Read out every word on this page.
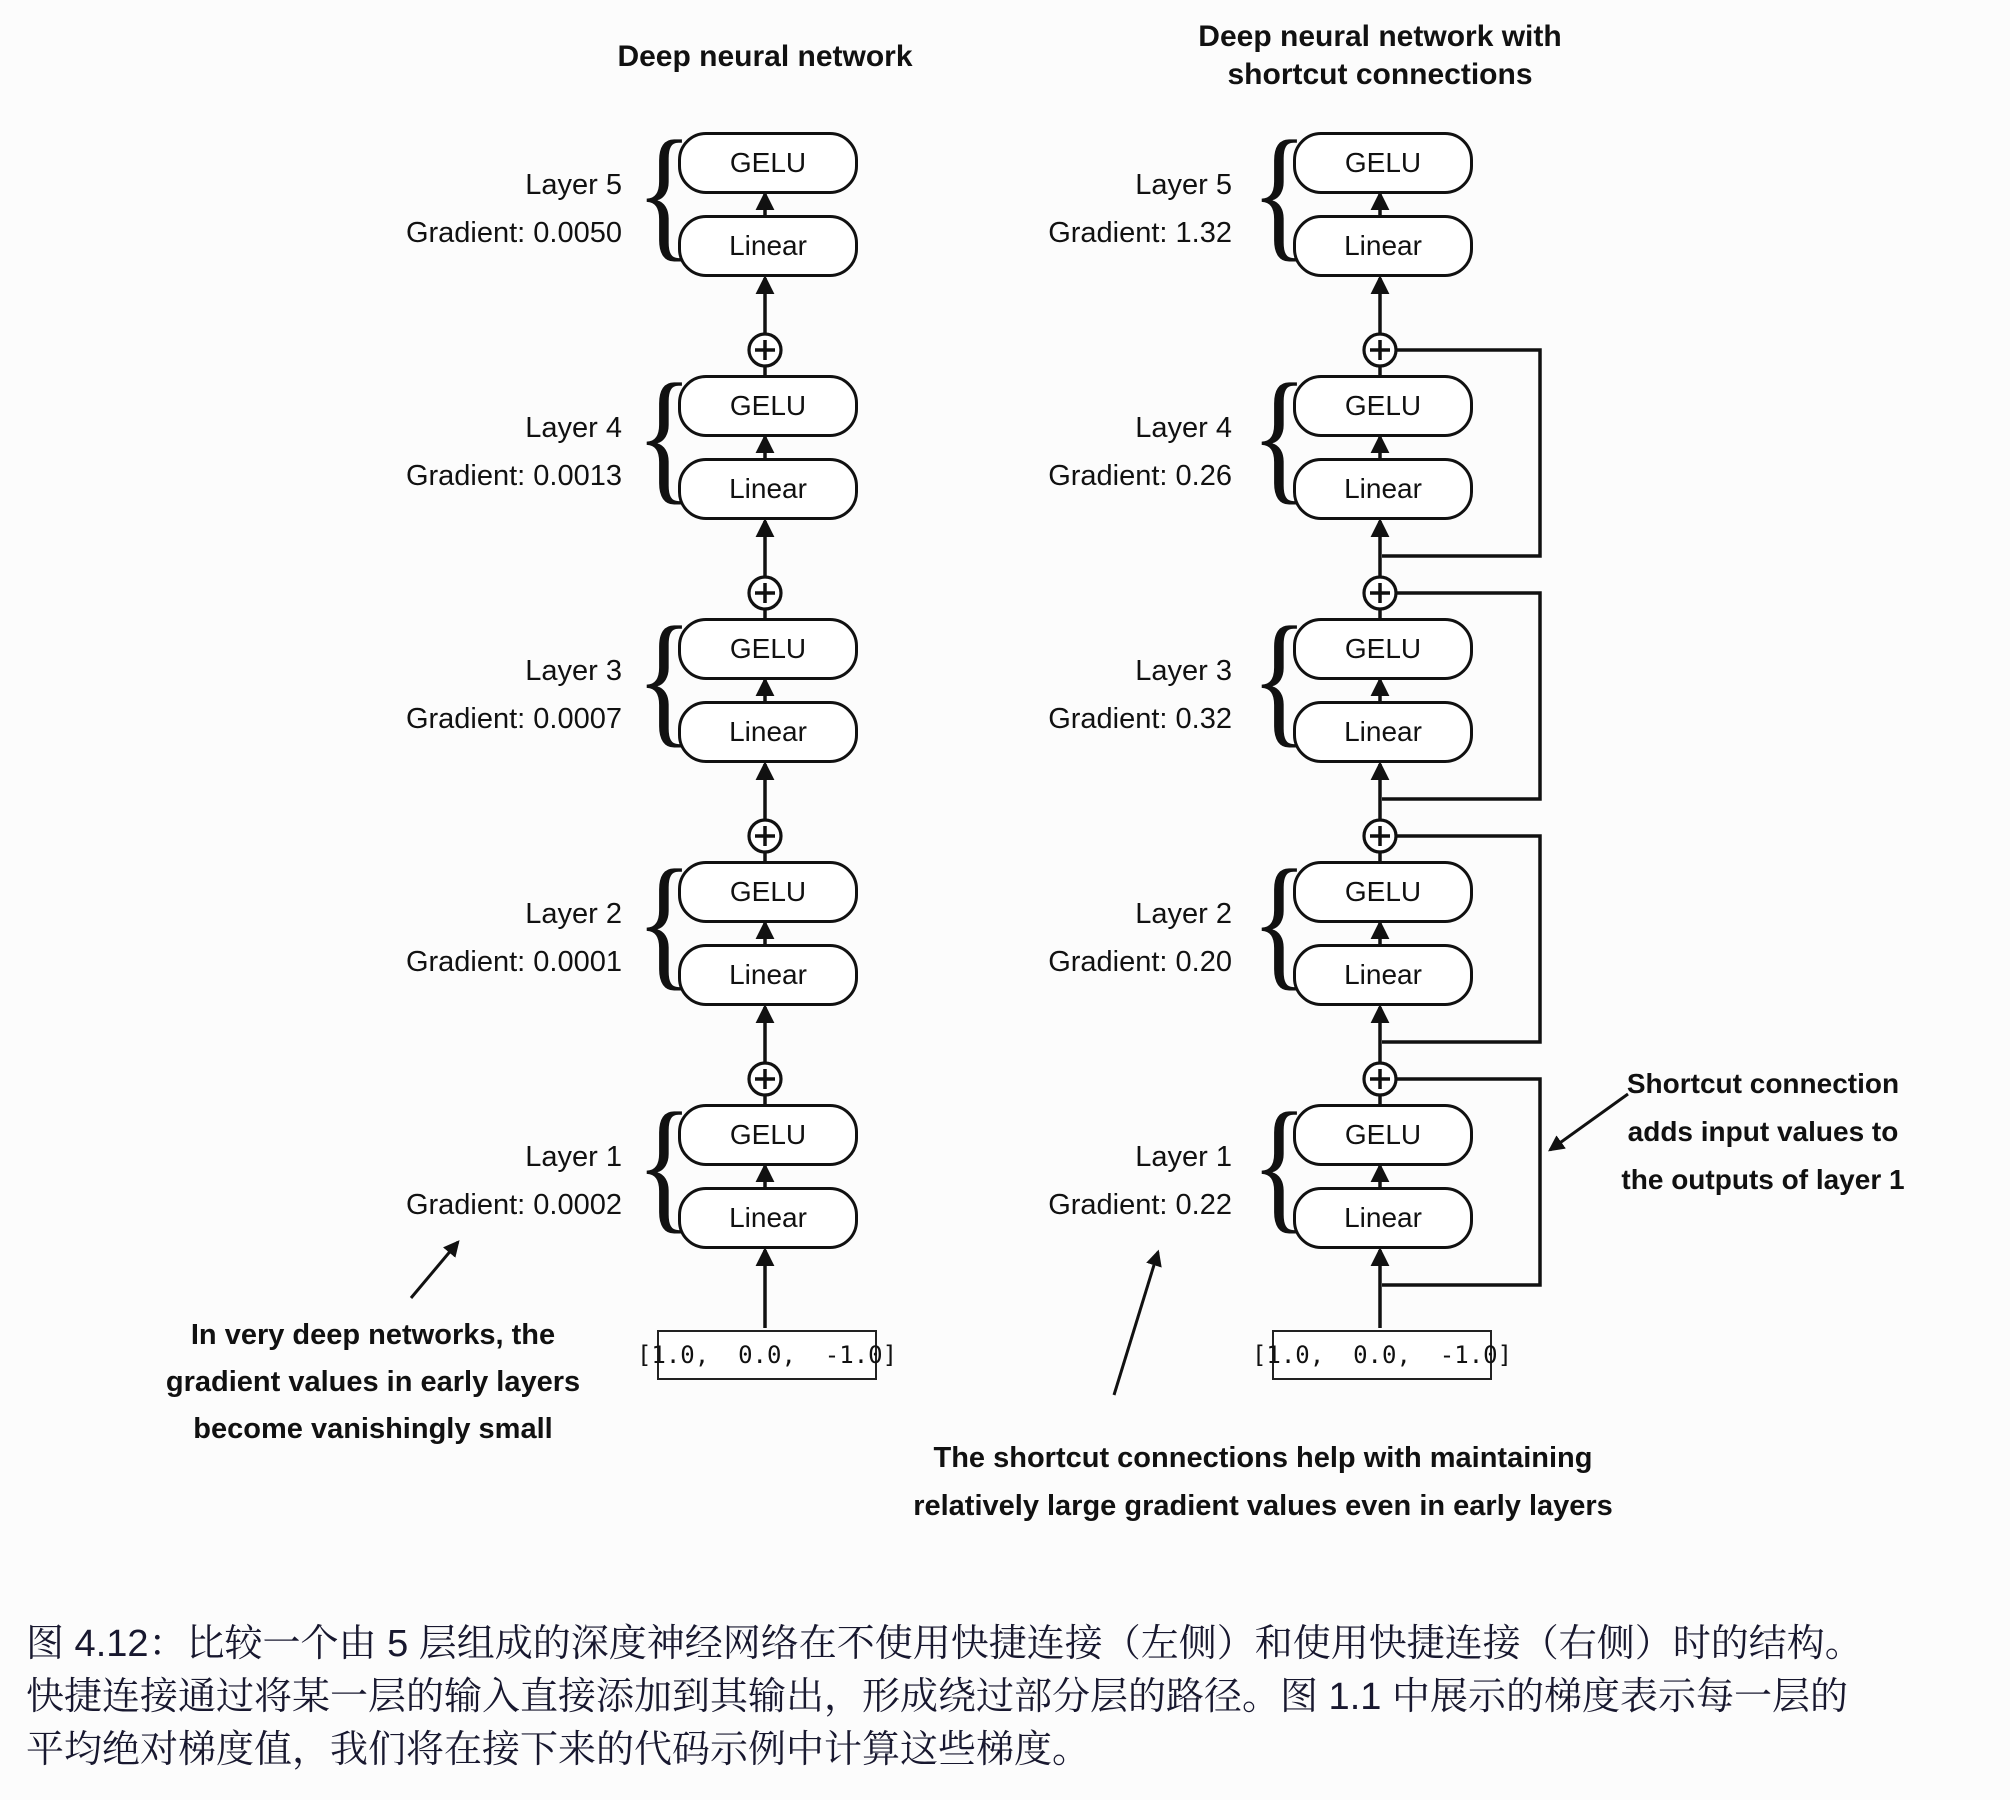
Deep neural network
Deep neural network with
shortcut connections
GELU
Linear
GELU
Linear
GELU
Linear
GELU
Linear
GELU
Linear
GELU
Linear
GELU
Linear
GELU
Linear
GELU
Linear
GELU
Linear
Layer 5
Gradient: 0.0050
Layer 4
Gradient: 0.0013
Layer 3
Gradient: 0.0007
Layer 2
Gradient: 0.0001
Layer 1
Gradient: 0.0002
Layer 5
Gradient: 1.32
Layer 4
Gradient: 0.26
Layer 3
Gradient: 0.32
Layer 2
Gradient: 0.20
Layer 1
Gradient: 0.22
{
{
{
{
{
{
{
{
{
{
[1.0,  0.0,  -1.0]	[1.0,  0.0,  -1.0]
In very deep networks, the
gradient values in early layers
become vanishingly small
The shortcut connections help with maintaining
relatively large gradient values even in early layers
Shortcut connection
adds input values to
the outputs of layer 1
图 4.12：比较一个由 5 层组成的深度神经网络在不使用快捷连接（左侧）和使用快捷连接（右侧）时的结构。
快捷连接通过将某一层的输入直接添加到其输出，形成绕过部分层的路径。图 1.1 中展示的梯度表示每一层的
平均绝对梯度值，我们将在接下来的代码示例中计算这些梯度。
